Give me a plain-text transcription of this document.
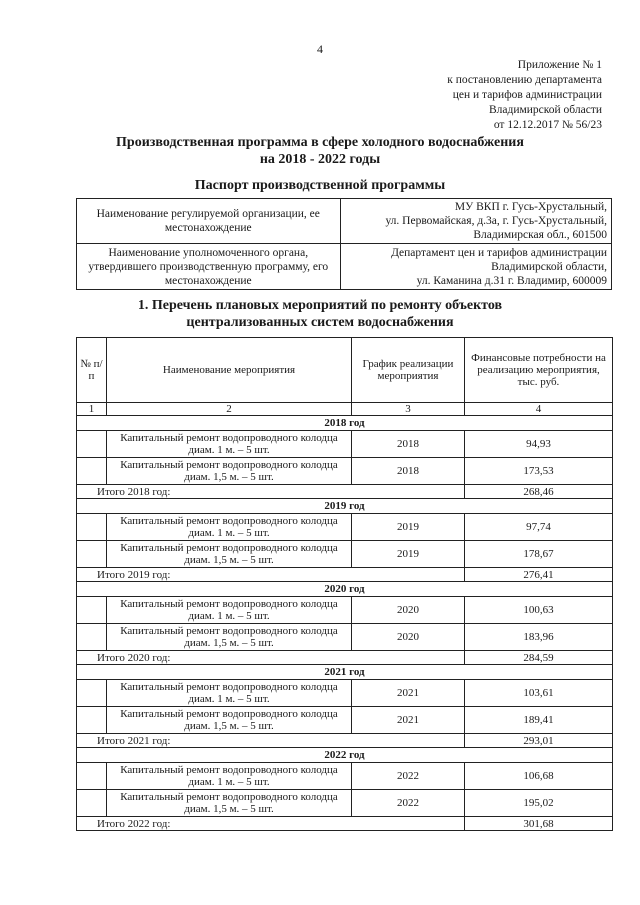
4
Приложение № 1
к постановлению департамента
цен и тарифов администрации
Владимирской области
от 12.12.2017 № 56/23
Производственная программа в сфере холодного водоснабжения
на 2018 - 2022 годы
Паспорт производственной программы
Наименование регулируемой организации, ее местонахождение	МУ ВКП г. Гусь-Хрустальный,
ул. Первомайская, д.3а, г. Гусь-Хрустальный,
Владимирская обл., 601500

Наименование уполномоченного органа, утвердившего производственную программу, его местонахождение	Департамент цен и тарифов администрации
Владимирской области,
ул. Каманина д.31 г. Владимир, 600009
1. Перечень плановых мероприятий по ремонту объектов
централизованных систем водоснабжения
№ п/п	Наименование мероприятия	График реализации мероприятия	Финансовые потребности на реализацию мероприятия, тыс. руб.
1	2	3	4
2018 год			
	Капитальный ремонт водопроводного колодца диам. 1 м. – 5 шт.	2018	94,93
	Капитальный ремонт водопроводного колодца диам. 1,5 м. – 5 шт.	2018	173,53
Итого 2018 год:			268,46
2019 год			
	Капитальный ремонт водопроводного колодца диам. 1 м. – 5 шт.	2019	97,74
	Капитальный ремонт водопроводного колодца диам. 1,5 м. – 5 шт.	2019	178,67
Итого 2019 год:			276,41
2020 год			
	Капитальный ремонт водопроводного колодца диам. 1 м. – 5 шт.	2020	100,63
	Капитальный ремонт водопроводного колодца диам. 1,5 м. – 5 шт.	2020	183,96
Итого 2020 год:			284,59
2021 год			
	Капитальный ремонт водопроводного колодца диам. 1 м. – 5 шт.	2021	103,61
	Капитальный ремонт водопроводного колодца диам. 1,5 м. – 5 шт.	2021	189,41
Итого 2021 год:			293,01
2022 год			
	Капитальный ремонт водопроводного колодца диам. 1 м. – 5 шт.	2022	106,68
	Капитальный ремонт водопроводного колодца диам. 1,5 м. – 5 шт.	2022	195,02
Итого 2022 год:			301,68
